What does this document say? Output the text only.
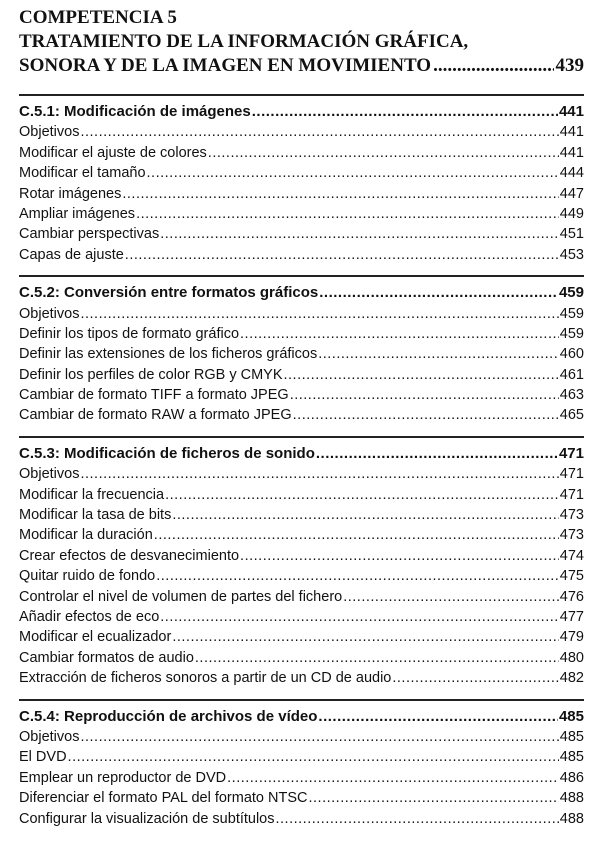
COMPETENCIA 5
TRATAMIENTO DE LA INFORMACIÓN GRÁFICA,
SONORA Y DE LA IMAGEN EN MOVIMIENTO .....	439
C.5.1: Modificación de imágenes .....	441
Objetivos .....	441
Modificar el ajuste de colores .....	441
Modificar el tamaño .....	444
Rotar imágenes .....	447
Ampliar imágenes .....	449
Cambiar perspectivas .....	451
Capas de ajuste .....	453
C.5.2: Conversión entre formatos gráficos .....	459
Objetivos .....	459
Definir los tipos de formato gráfico .....	459
Definir las extensiones de los ficheros gráficos .....	460
Definir los perfiles de color RGB y CMYK .....	461
Cambiar de formato TIFF a formato JPEG .....	463
Cambiar de formato RAW a formato JPEG .....	465
C.5.3: Modificación de ficheros de sonido .....	471
Objetivos .....	471
Modificar la frecuencia .....	471
Modificar la tasa de bits .....	473
Modificar la duración .....	473
Crear efectos de desvanecimiento .....	474
Quitar ruido de fondo .....	475
Controlar el nivel de volumen de partes del fichero .....	476
Añadir efectos de eco .....	477
Modificar el ecualizador .....	479
Cambiar formatos de audio .....	480
Extracción de ficheros sonoros a partir de un CD de audio .....	482
C.5.4: Reproducción de archivos de vídeo .....	485
Objetivos .....	485
El DVD .....	485
Emplear un reproductor de DVD .....	486
Diferenciar el formato PAL del formato NTSC .....	488
Configurar la visualización de subtítulos .....	488
